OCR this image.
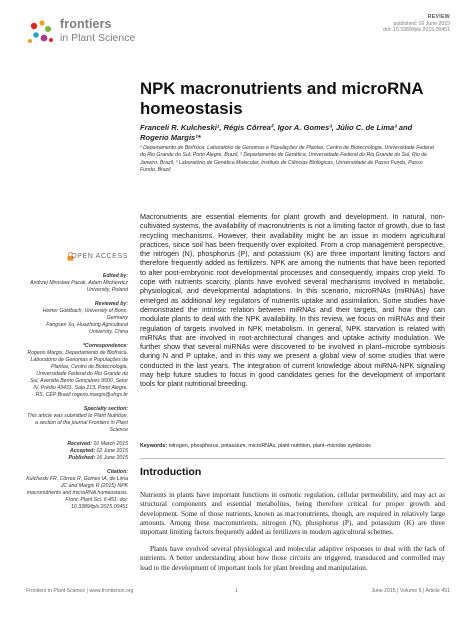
frontiers
in Plant Science
REVIEW
published: 16 June 2015
doi: 10.3389/fpls.2015.00451
NPK macronutrients and microRNA homeostasis
Franceli R. Kulcheski¹, Régis Côrrea², Igor A. Gomes³, Júlio C. de Lima³ and Rogerio Margis¹*
¹ Departamento de Biofísica, Laboratório de Genomas e Populações de Plantas, Centro de Biotecnologia, Universidade Federal do Rio Grande do Sul, Porto Alegre, Brazil, ² Departamento de Genética, Universidade Federal do Rio Grande do Sul, Rio de Janeiro, Brazil, ³ Laboratório de Genética Molecular, Instituto de Ciências Biológicas, Universidade de Passo Fundo, Passo Fundo, Brazil
OPEN ACCESS
Edited by:
Andrzej Miroslaw Pacak, Adam Mickiewicz University, Poland
Reviewed by:
Heiner Goldbach, University of Bonn, Germany
Fangsen Xu, Huazhong Agricultural University, China
*Correspondence:
Rogerio Margis, Departamento de Biofísica, Laboratório de Genomas e Populações de Plantas, Centro de Biotecnologia, Universidade Federal do Rio Grande do Sul, Avenida Bento Gonçalves 9500, Setor IV, Prédio 43431, Sala 213, Porto Alegre, RS, CEP Brazil rogerio.margis@ufrgs.br
Specialty section:
This article was submitted to Plant Nutrition, a section of the journal Frontiers in Plant Science
Received: 10 March 2015
Accepted: 02 June 2015
Published: 16 June 2015
Citation:
Kulcheski FR, Côrrea R, Gomes IA, de Lima JC and Margis R (2015) NPK macronutrients and microRNA homeostasis. Front. Plant Sci. 6:451. doi: 10.3389/fpls.2015.00451

Macronutrients are essential elements for plant growth and development. In natural, non-cultivated systems, the availability of macronutrients is not a limiting factor of growth, due to fast recycling mechanisms. However, their availability might be an issue in modern agricultural practices, since soil has been frequently over exploited. From a crop management perspective, the nitrogen (N), phosphorus (P), and potassium (K) are three important limiting factors and therefore frequently added as fertilizers. NPK are among the nutrients that have been reported to alter post-embryonic root developmental processes and consequently, impairs crop yield. To cope with nutrients scarcity, plants have evolved several mechanisms involved in metabolic, physiological, and developmental adaptations. In this scenario, microRNAs (miRNAs) have emerged as additional key regulators of nutrients uptake and assimilation. Some studies have demonstrated the intrinsic relation between miRNAs and their targets, and how they can modulate plants to deal with the NPK availability. In this review, we focus on miRNAs and their regulation of targets involved in NPK metabolism. In general, NPK starvation is related with miRNAs that are involved in root-architectural changes and uptake activity modulation. We further show that several miRNAs were discovered to be involved in plant–microbe symbiosis during N and P uptake, and in this way we present a global view of some studies that were conducted in the last years. The integration of current knowledge about miRNA-NPK signaling may help future studies to focus in good candidates genes for the development of important tools for plant nutritional breeding.

Keywords: nitrogen, phosphorus, potassium, microRNAs, plant nutrition, plant–microbe symbiosis
Introduction

Nutrients in plants have important functions in osmotic regulation, cellular permeability, and may act as structural components and essential metabolites, being therefore critical for proper growth and development. Some of those nutrients, known as macronutrients, though, are required in relatively large amounts. Among these macronutrients, nitrogen (N), phosphorus (P), and potassium (K) are three important limiting factors frequently added as fertilizers in modern agricultural schemes.

Plants have evolved several physiological and molecular adaptive responses to deal with the lack of nutrients. A better understanding about how those circuits are triggered, transduced and controlled may lead to the development of important tools for plant breeding and manipulation.

Frontiers in Plant Science | www.frontiersin.org	1	June 2015 | Volume 6 | Article 451
